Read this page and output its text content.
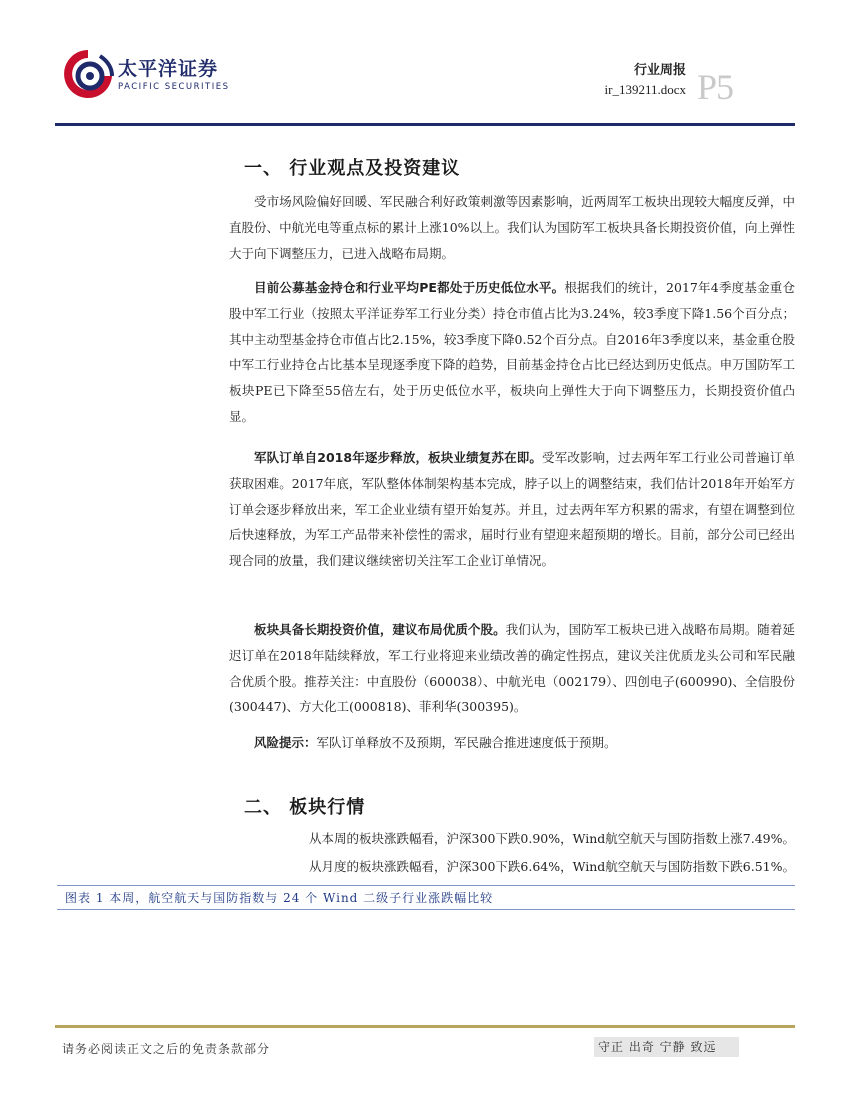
太平洋证券
PACIFIC SECURITIES
行业周报
ir_139211.docx P5
一、 行业观点及投资建议

受市场风险偏好回暖、军民融合利好政策刺激等因素影响，近两周军工板块出现较大幅度反弹，中直股份、中航光电等重点标的累计上涨10%以上。我们认为国防军工板块具备长期投资价值，向上弹性大于向下调整压力，已进入战略布局期。

目前公募基金持仓和行业平均PE都处于历史低位水平。根据我们的统计，2017年4季度基金重仓股中军工行业（按照太平洋证券军工行业分类）持仓市值占比为3.24%，较3季度下降1.56个百分点；其中主动型基金持仓市值占比2.15%，较3季度下降0.52个百分点。自2016年3季度以来，基金重仓股中军工行业持仓占比基本呈现逐季度下降的趋势，目前基金持仓占比已经达到历史低点。申万国防军工板块PE已下降至55倍左右，处于历史低位水平，板块向上弹性大于向下调整压力，长期投资价值凸显。

军队订单自2018年逐步释放，板块业绩复苏在即。受军改影响，过去两年军工行业公司普遍订单获取困难。2017年底，军队整体体制架构基本完成，脖子以上的调整结束，我们估计2018年开始军方订单会逐步释放出来，军工企业业绩有望开始复苏。并且，过去两年军方积累的需求，有望在调整到位后快速释放，为军工产品带来补偿性的需求，届时行业有望迎来超预期的增长。目前，部分公司已经出现合同的放量，我们建议继续密切关注军工企业订单情况。

板块具备长期投资价值，建议布局优质个股。我们认为，国防军工板块已进入战略布局期。随着延迟订单在2018年陆续释放，军工行业将迎来业绩改善的确定性拐点，建议关注优质龙头公司和军民融合优质个股。推荐关注：中直股份（600038）、中航光电（002179）、四创电子(600990)、全信股份(300447)、方大化工(000818)、菲利华(300395)。

风险提示：军队订单释放不及预期，军民融合推进速度低于预期。

二、 板块行情
从本周的板块涨跌幅看，沪深300下跌0.90%，Wind航空航天与国防指数上涨7.49%。
从月度的板块涨跌幅看，沪深300下跌6.64%，Wind航空航天与国防指数下跌6.51%。
图表 1 本周，航空航天与国防指数与 24 个 Wind 二级子行业涨跌幅比较
请务必阅读正文之后的免责条款部分	守正 出奇 宁静 致远
